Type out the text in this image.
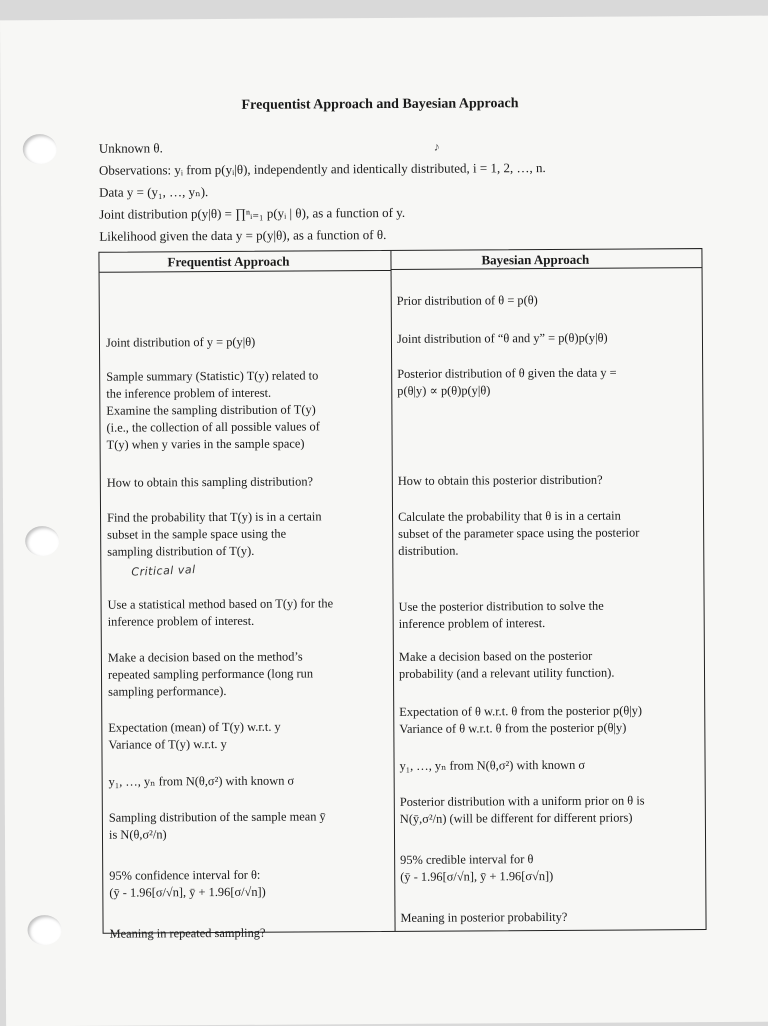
Frequentist Approach and Bayesian Approach
♪
Unknown θ.
Observations: yᵢ from p(yᵢ|θ), independently and identically distributed, i = 1, 2, …, n.
Data y = (y₁, …, yₙ).
Joint distribution p(y|θ) = ∏ⁿᵢ₌₁ p(yᵢ | θ), as a function of y.
Likelihood given the data y = p(y|θ), as a function of θ.
Frequentist Approach	Bayesian Approach
Joint distribution of y = p(y|θ)
Sample summary (Statistic) T(y) related to
the inference problem of interest.
Examine the sampling distribution of T(y)
(i.e., the collection of all possible values of
T(y) when y varies in the sample space)
How to obtain this sampling distribution?
Find the probability that T(y) is in a certain
subset in the sample space using the
sampling distribution of T(y).
Critical val
Use a statistical method based on T(y) for the
inference problem of interest.
Make a decision based on the method’s
repeated sampling performance (long run
sampling performance).
Expectation (mean) of T(y) w.r.t. y
Variance of T(y) w.r.t. y
y₁, …, yₙ from N(θ,σ²) with known σ
Sampling distribution of the sample mean ȳ
is N(θ,σ²/n)
95% confidence interval for θ:
(ȳ - 1.96[σ/√n], ȳ + 1.96[σ/√n])
Meaning in repeated sampling?
Prior distribution of θ = p(θ)
Joint distribution of “θ and y” = p(θ)p(y|θ)
Posterior distribution of θ given the data y =
p(θ|y) ∝ p(θ)p(y|θ)
How to obtain this posterior distribution?
Calculate the probability that θ is in a certain
subset of the parameter space using the posterior
distribution.
Use the posterior distribution to solve the
inference problem of interest.
Make a decision based on the posterior
probability (and a relevant utility function).
Expectation of θ w.r.t. θ from the posterior p(θ|y)
Variance of θ w.r.t. θ from the posterior p(θ|y)
y₁, …, yₙ from N(θ,σ²) with known σ
Posterior distribution with a uniform prior on θ is
N(ȳ,σ²/n) (will be different for different priors)
95% credible interval for θ
(ȳ - 1.96[σ/√n], ȳ + 1.96[σ√n])
Meaning in posterior probability?
